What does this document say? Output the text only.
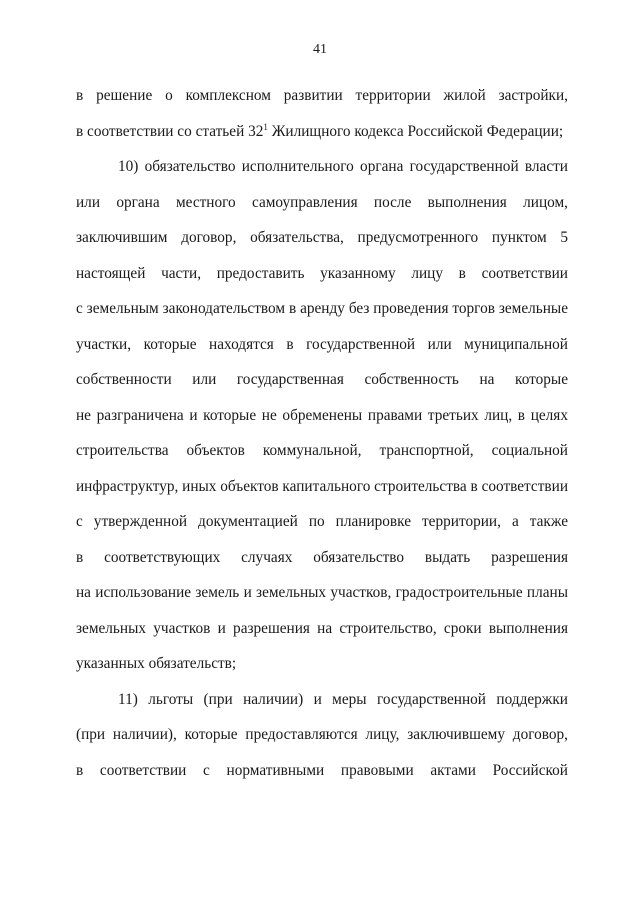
41
в решение о комплексном развитии территории жилой застройки,
в соответствии со статьей $32^1$ Жилищного кодекса Российской Федерации;
10) обязательство исполнительного органа государственной власти
или органа местного самоуправления после выполнения лицом,
заключившим договор, обязательства, предусмотренного пунктом 5
настоящей части, предоставить указанному лицу в соответствии
с земельным законодательством в аренду без проведения торгов земельные
участки, которые находятся в государственной или муниципальной
собственности или государственная собственность на которые
не разграничена и которые не обременены правами третьих лиц, в целях
строительства объектов коммунальной, транспортной, социальной
инфраструктур, иных объектов капитального строительства в соответствии
с утвержденной документацией по планировке территории, а также
в соответствующих случаях обязательство выдать разрешения
на использование земель и земельных участков, градостроительные планы
земельных участков и разрешения на строительство, сроки выполнения
указанных обязательств;
11) льготы (при наличии) и меры государственной поддержки
(при наличии), которые предоставляются лицу, заключившему договор,
в соответствии с нормативными правовыми актами Российской
